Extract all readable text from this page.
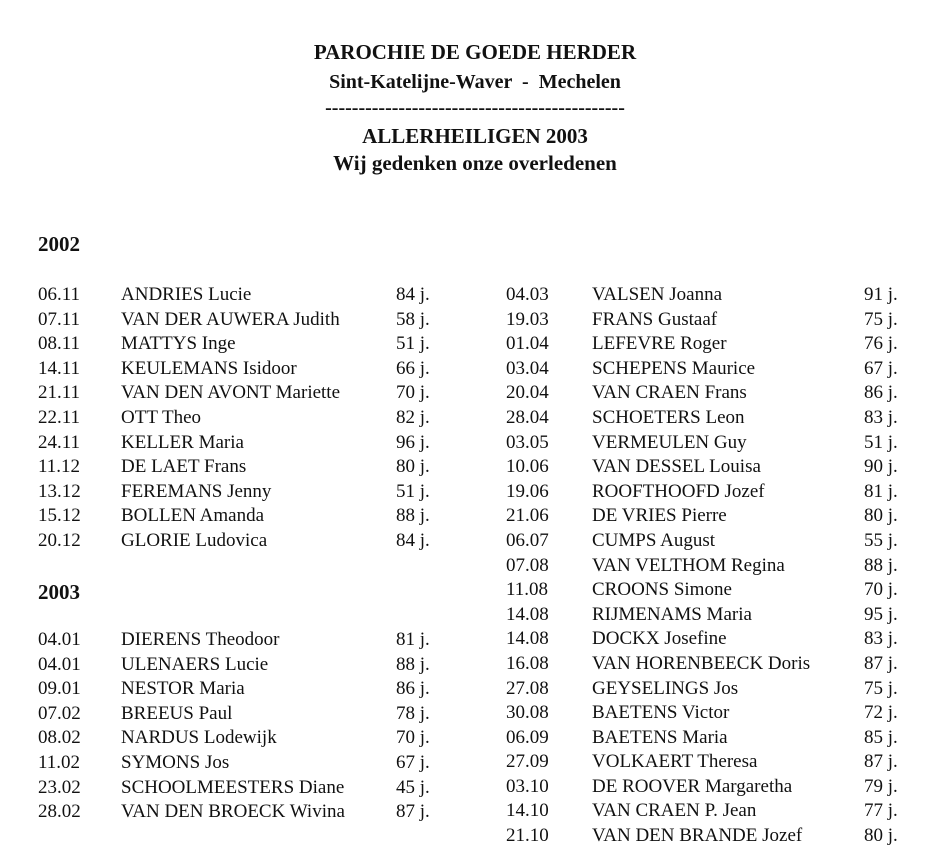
PAROCHIE DE GOEDE HERDER
Sint-Katelijne-Waver  -  Mechelen
---------------------------------------------
ALLERHEILIGEN 2003
Wij gedenken onze overledenen
2002
06.11 ANDRIES Lucie	84 j.
07.11 VAN DER AUWERA Judith	58 j.
08.11 MATTYS Inge	51 j.
14.11 KEULEMANS Isidoor	66 j.
21.11 VAN DEN AVONT Mariette	70 j.
22.11 OTT Theo	82 j.
24.11 KELLER Maria	96 j.
11.12 DE LAET Frans	80 j.
13.12 FEREMANS Jenny	51 j.
15.12 BOLLEN Amanda	88 j.
20.12 GLORIE Ludovica	84 j.
2003
04.01 DIERENS Theodoor	81 j.
04.01 ULENAERS Lucie	88 j.
09.01 NESTOR Maria	86 j.
07.02 BREEUS Paul	78 j.
08.02 NARDUS Lodewijk	70 j.
11.02 SYMONS Jos	67 j.
23.02 SCHOOLMEESTERS Diane	45 j.
28.02 VAN DEN BROECK Wivina	87 j.
04.03 VALSEN Joanna	91 j.
19.03 FRANS Gustaaf	75 j.
01.04 LEFEVRE Roger	76 j.
03.04 SCHEPENS Maurice	67 j.
20.04 VAN CRAEN Frans	86 j.
28.04 SCHOETERS Leon	83 j.
03.05 VERMEULEN Guy	51 j.
10.06 VAN DESSEL Louisa	90 j.
19.06 ROOFTHOOFD Jozef	81 j.
21.06 DE VRIES Pierre	80 j.
06.07 CUMPS August	55 j.
07.08 VAN VELTHOM Regina	88 j.
11.08 CROONS Simone	70 j.
14.08 RIJMENAMS Maria	95 j.
14.08 DOCKX Josefine	83 j.
16.08 VAN HORENBEECK Doris	87 j.
27.08 GEYSELINGS Jos	75 j.
30.08 BAETENS Victor	72 j.
06.09 BAETENS Maria	85 j.
27.09 VOLKAERT Theresa	87 j.
03.10 DE ROOVER Margaretha	79 j.
14.10 VAN CRAEN P. Jean	77 j.
21.10 VAN DEN BRANDE Jozef	80 j.
